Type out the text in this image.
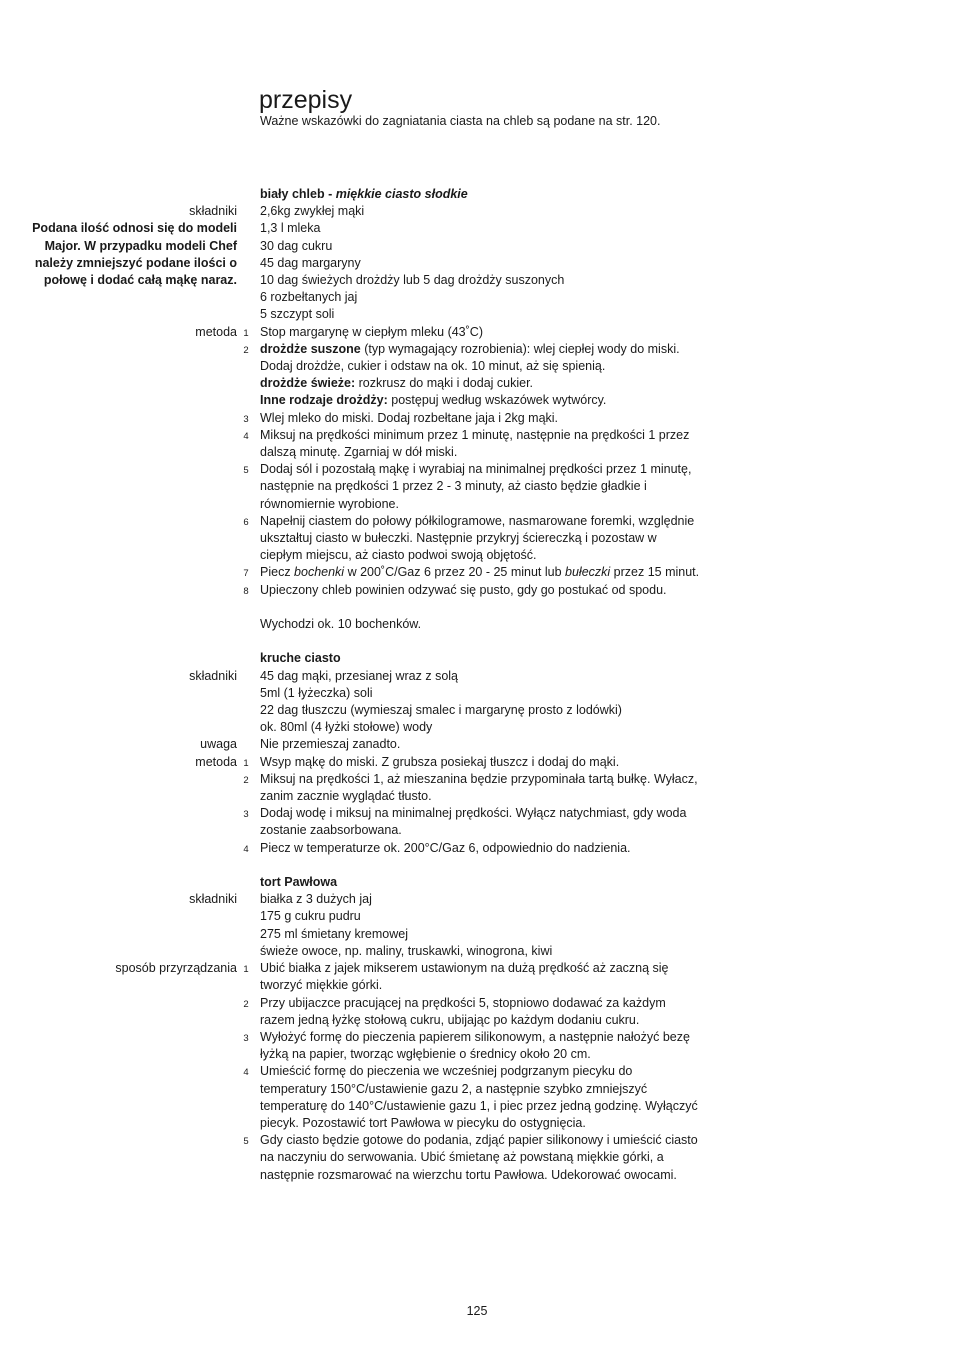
przepisy

Ważne wskazówki do zagniatania ciasta na chleb są podane na str. 120.

biały chleb - miękkie ciasto słodkie
składniki 2,6kg zwykłej mąki
Podana ilość odnosi się do modeli Major. W przypadku modeli Chef należy zmniejszyć podane ilości o połowę i dodać całą mąkę naraz.
1,3 l mleka
30 dag cukru
45 dag margaryny
10 dag świeżych drożdży lub 5 dag drożdży suszonych
6 rozbełtanych jaj
5 szczypt soli
metoda 1 Stop margarynę w ciepłym mleku (43˚C)
2 drożdże suszone (typ wymagający rozrobienia): wlej ciepłej wody do miski. Dodaj drożdże, cukier i odstaw na ok. 10 minut, aż się spienią.
drożdże świeże: rozkrusz do mąki i dodaj cukier.
Inne rodzaje drożdży: postępuj według wskazówek wytwórcy.
3 Wlej mleko do miski. Dodaj rozbełtane jaja i 2kg mąki.
4 Miksuj na prędkości minimum przez 1 minutę, następnie na prędkości 1 przez dalszą minutę. Zgarniaj w dół miski.
5 Dodaj sól i pozostałą mąkę i wyrabiaj na minimalnej prędkości przez 1 minutę, następnie na prędkości 1 przez 2 - 3 minuty, aż ciasto będzie gładkie i równomiernie wyrobione.
6 Napełnij ciastem do połowy półkilogramowe, nasmarowane foremki, względnie ukształtuj ciasto w bułeczki. Następnie przykryj ściereczką i pozostaw w ciepłym miejscu, aż ciasto podwoi swoją objętość.
7 Piecz bochenki w 200˚C/Gaz 6 przez 20 - 25 minut lub bułeczki przez 15 minut.
8 Upieczony chleb powinien odzywać się pusto, gdy go postukać od spodu.
Wychodzi ok. 10 bochenków.
kruche ciasto
składniki 45 dag mąki, przesianej wraz z solą
5ml (1 łyżeczka) soli
22 dag tłuszczu (wymieszaj smalec i margarynę prosto z lodówki)
ok. 80ml (4 łyżki stołowe) wody
uwaga Nie przemieszaj zanadto.
metoda 1 Wsyp mąkę do miski. Z grubsza posiekaj tłuszcz i dodaj do mąki.
2 Miksuj na prędkości 1, aż mieszanina będzie przypominała tartą bułkę. Wyłacz, zanim zacznie wyglądać tłusto.
3 Dodaj wodę i miksuj na minimalnej prędkości. Wyłącz natychmiast, gdy woda zostanie zaabsorbowana.
4 Piecz w temperaturze ok. 200°C/Gaz 6, odpowiednio do nadzienia.
tort Pawłowa
składniki białka z 3 dużych jaj
175 g cukru pudru
275 ml śmietany kremowej
świeże owoce, np. maliny, truskawki, winogrona, kiwi
sposób przyrządzania 1 Ubić białka z jajek mikserem ustawionym na dużą prędkość aż zaczną się tworzyć miękkie górki.
2 Przy ubijaczce pracującej na prędkości 5, stopniowo dodawać za każdym razem jedną łyżkę stołową cukru, ubijając po każdym dodaniu cukru.
3 Wyłożyć formę do pieczenia papierem silikonowym, a następnie nałożyć bezę łyżką na papier, tworząc wgłębienie o średnicy około 20 cm.
4 Umieścić formę do pieczenia we wcześniej podgrzanym piecyku do temperatury 150°C/ustawienie gazu 2, a następnie szybko zmniejszyć temperaturę do 140°C/ustawienie gazu 1, i piec przez jedną godzinę. Wyłączyć piecyk. Pozostawić tort Pawłowa w piecyku do ostygnięcia.
5 Gdy ciasto będzie gotowe do podania, zdjąć papier silikonowy i umieścić ciasto na naczyniu do serwowania. Ubić śmietanę aż powstaną miękkie górki, a następnie rozsmarować na wierzchu tortu Pawłowa. Udekorować owocami.
125
